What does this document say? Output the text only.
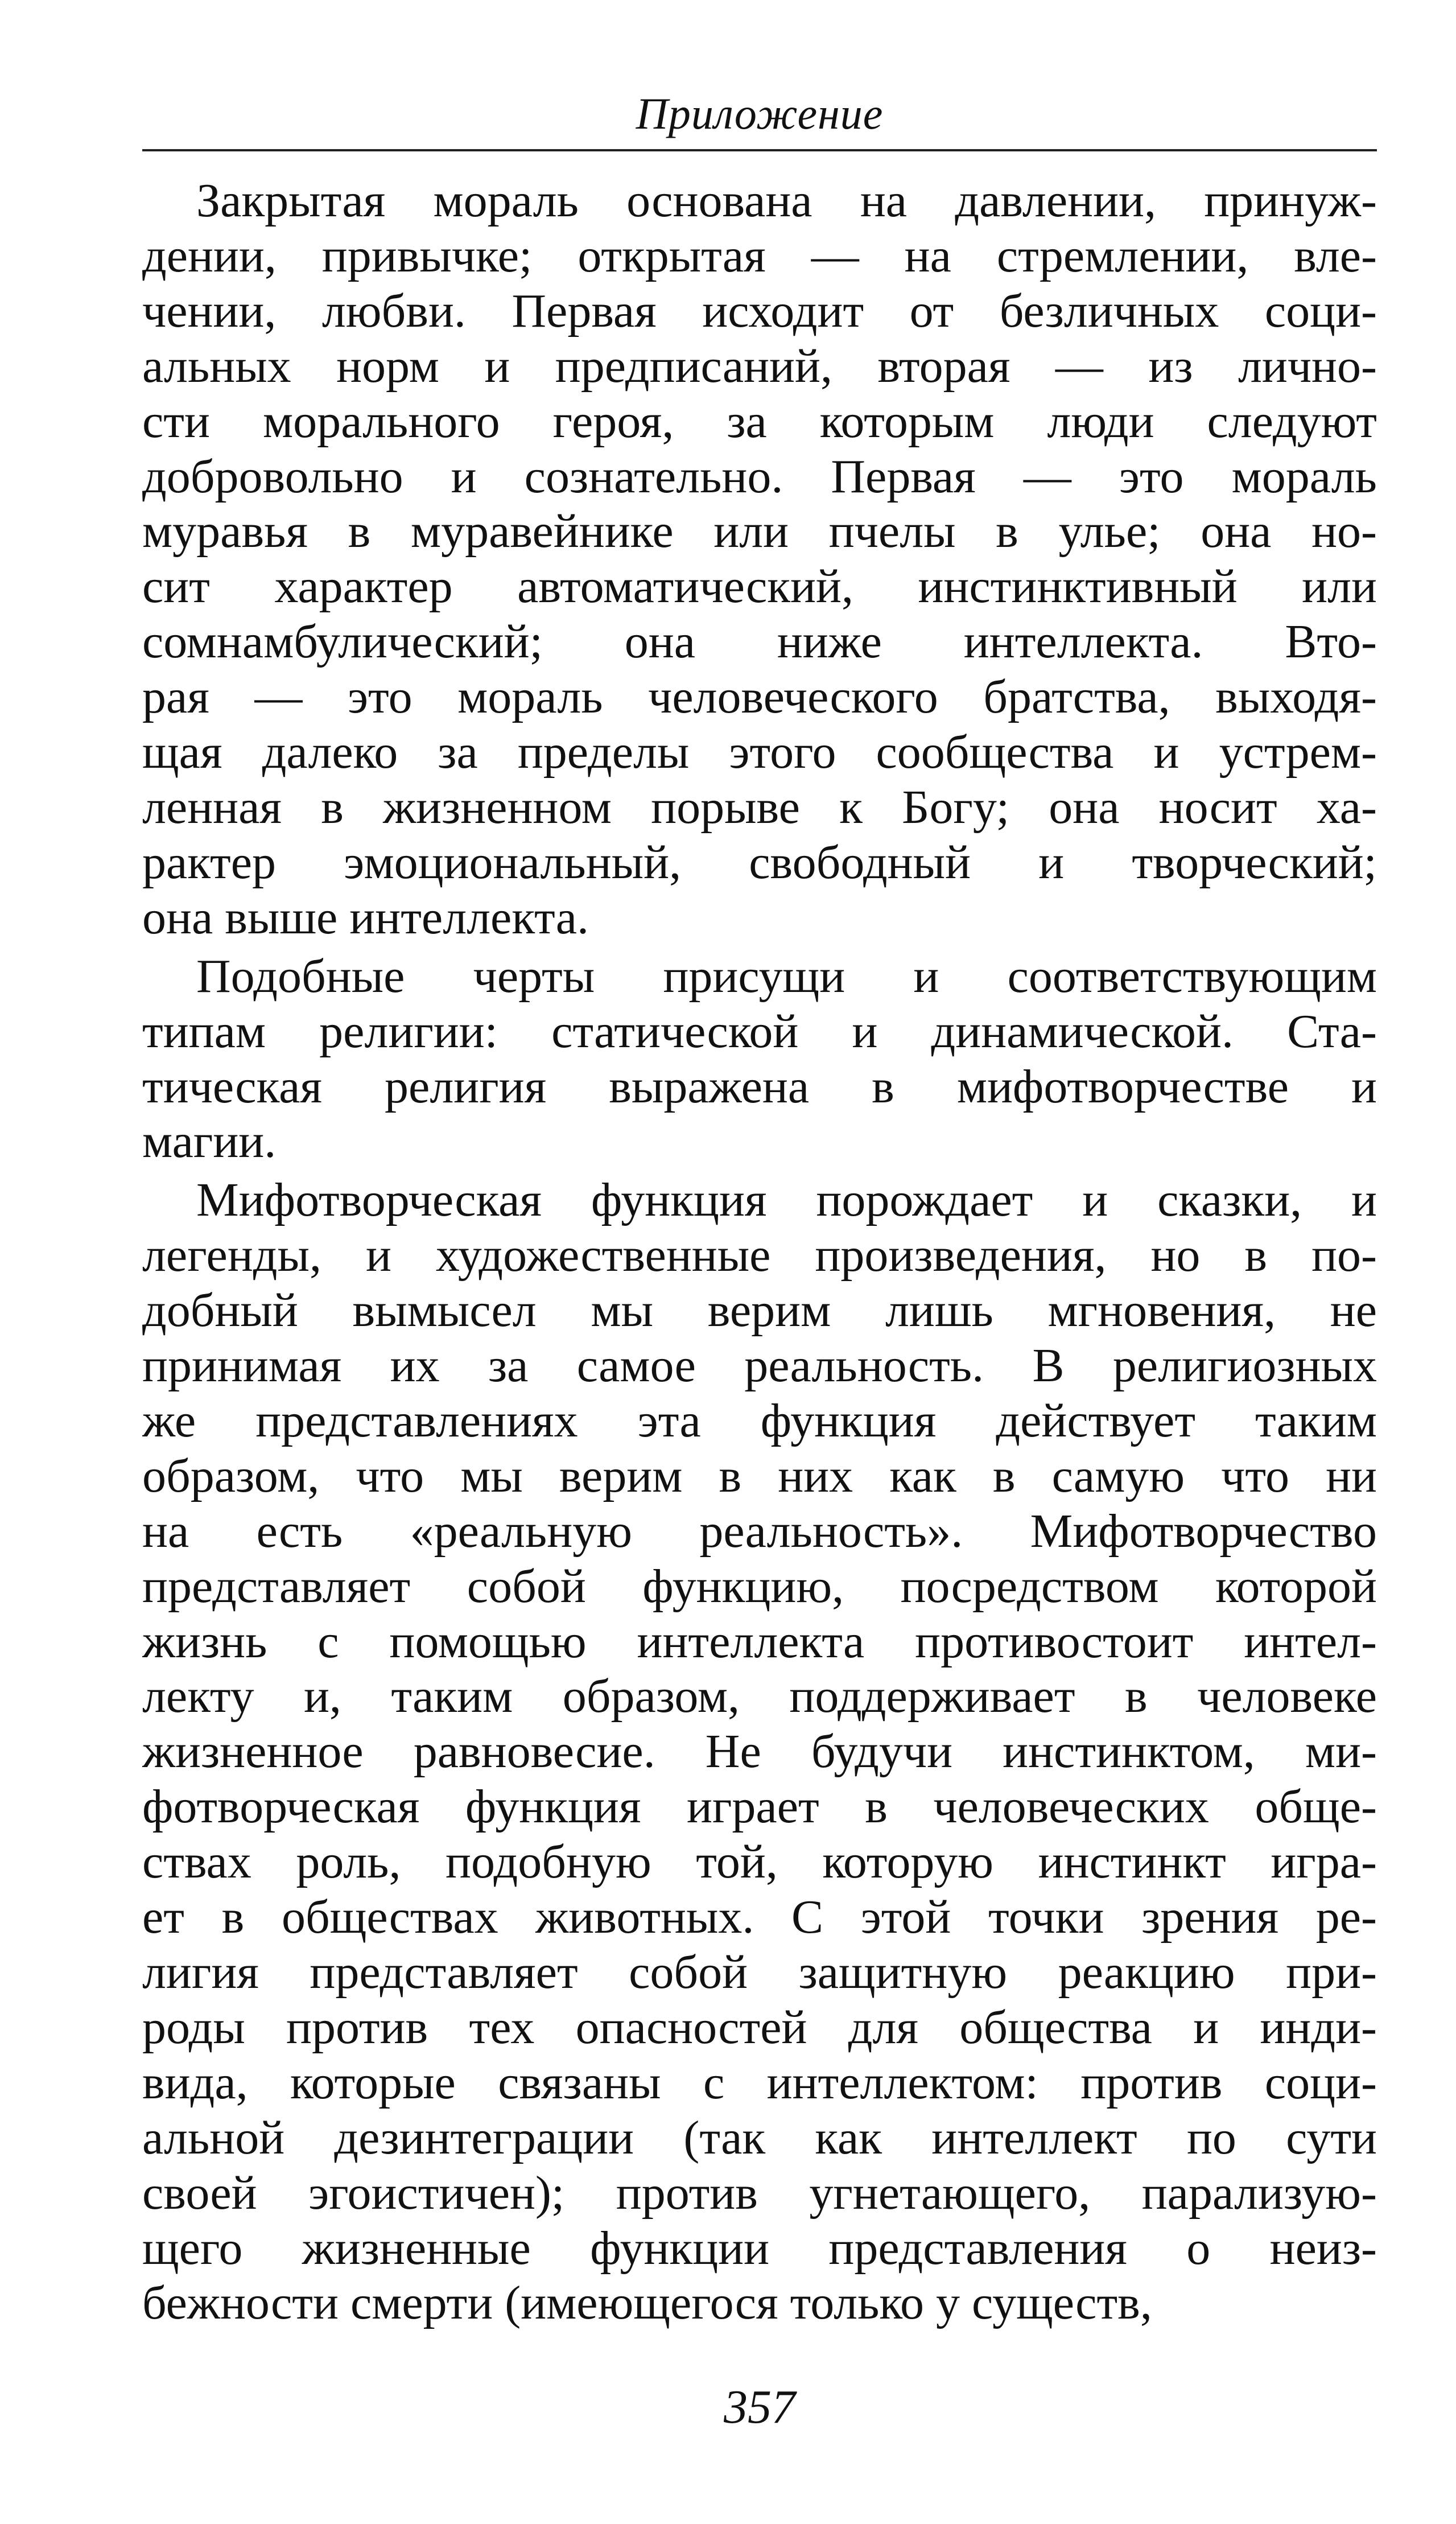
Приложение

Закрытая мораль основана на давлении, принуж-
дении, привычке; открытая — на стремлении, вле-
чении, любви. Первая исходит от безличных соци-
альных норм и предписаний, вторая — из лично-
сти морального героя, за которым люди следуют
добровольно и сознательно. Первая — это мораль
муравья в муравейнике или пчелы в улье; она но-
сит характер автоматический, инстинктивный или
сомнамбулический; она ниже интеллекта. Вто-
рая — это мораль человеческого братства, выходя-
щая далеко за пределы этого сообщества и устрем-
ленная в жизненном порыве к Богу; она носит ха-
рактер эмоциональный, свободный и творческий;
она выше интеллекта.

Подобные черты присущи и соответствующим
типам религии: статической и динамической. Ста-
тическая религия выражена в мифотворчестве и
магии.

Мифотворческая функция порождает и сказки, и
легенды, и художественные произведения, но в по-
добный вымысел мы верим лишь мгновения, не
принимая их за самое реальность. В религиозных
же представлениях эта функция действует таким
образом, что мы верим в них как в самую что ни
на есть «реальную реальность». Мифотворчество
представляет собой функцию, посредством которой
жизнь с помощью интеллекта противостоит интел-
лекту и, таким образом, поддерживает в человеке
жизненное равновесие. Не будучи инстинктом, ми-
фотворческая функция играет в человеческих обще-
ствах роль, подобную той, которую инстинкт игра-
ет в обществах животных. С этой точки зрения ре-
лигия представляет собой защитную реакцию при-
роды против тех опасностей для общества и инди-
вида, которые связаны с интеллектом: против соци-
альной дезинтеграции (так как интеллект по сути
своей эгоистичен); против угнетающего, парализую-
щего жизненные функции представления о неиз-
бежности смерти (имеющегося только у существ,

357
